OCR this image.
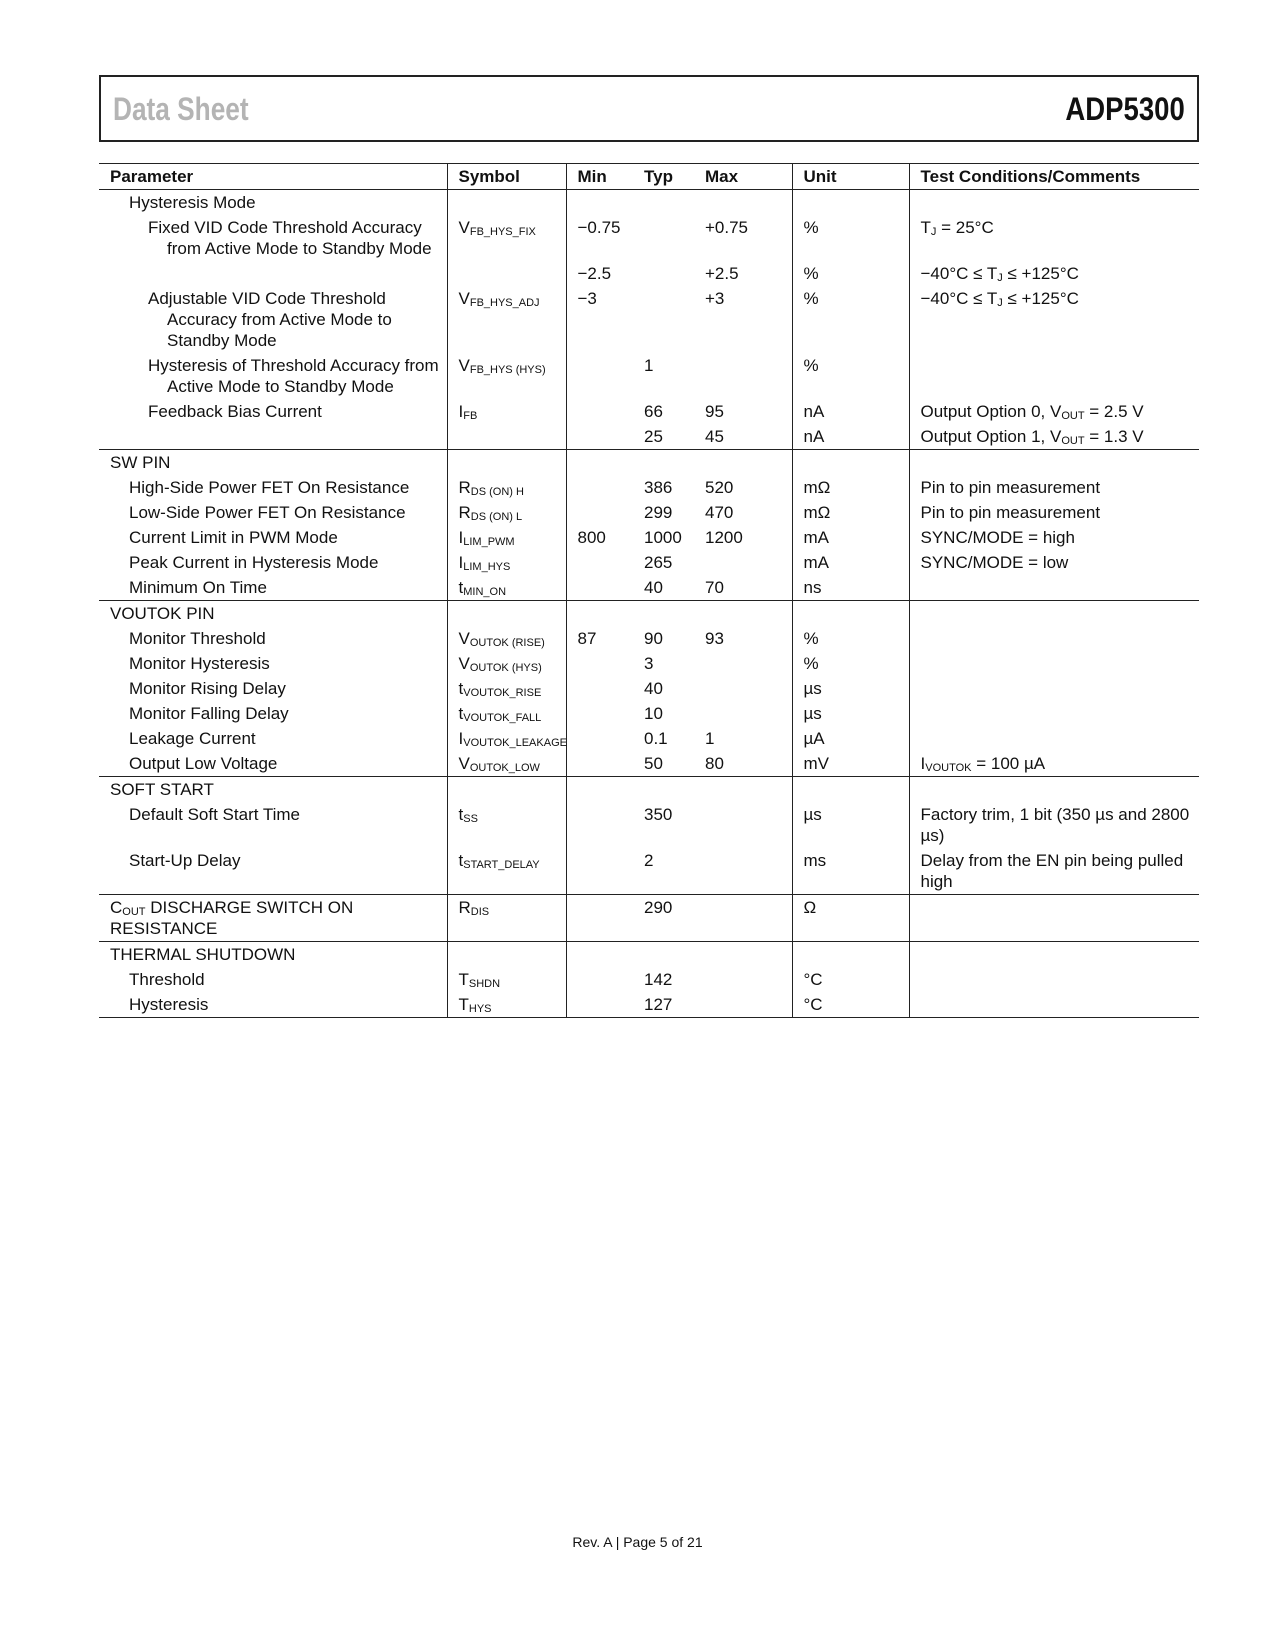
Data Sheet	ADP5300
Parameter	Symbol	Min	Typ	Max	Unit	Test Conditions/Comments
Hysteresis Mode						

Fixed VID Code Threshold Accuracy from Active Mode to Standby Mode	$V_{FB\_HYS\_FIX}$	−0.75		+0.75	%	$T_J = 25^\circ C$
		−2.5		+2.5	%	$-40^\circ C \le T_J \le +125^\circ C$

Adjustable VID Code Threshold Accuracy from Active Mode to Standby Mode	$V_{FB\_HYS\_ADJ}$	−3		+3	%	$-40^\circ C \le T_J \le +125^\circ C$

Hysteresis of Threshold Accuracy from Active Mode to Standby Mode	$V_{FB\_HYS (HYS)}$		1		%	
Feedback Bias Current	$I_{FB}$		66	95	nA	Output Option 0, $V_{OUT} = 2.5$ V
			25	45	nA	Output Option 1, $V_{OUT} = 1.3$ V
SW PIN						
High-Side Power FET On Resistance	$R_{DS (ON) H}$		386	520	mΩ	Pin to pin measurement
Low-Side Power FET On Resistance	$R_{DS (ON) L}$		299	470	mΩ	Pin to pin measurement
Current Limit in PWM Mode	$I_{LIM\_PWM}$	800	1000	1200	mA	SYNC/MODE = high
Peak Current in Hysteresis Mode	$I_{LIM\_HYS}$		265		mA	SYNC/MODE = low
Minimum On Time	$t_{MIN\_ON}$		40	70	ns	
VOUTOK PIN						
Monitor Threshold	$V_{OUTOK (RISE)}$	87	90	93	%	
Monitor Hysteresis	$V_{OUTOK (HYS)}$		3		%	
Monitor Rising Delay	$t_{VOUTOK\_RISE}$		40		µs	
Monitor Falling Delay	$t_{VOUTOK\_FALL}$		10		µs	
Leakage Current	$I_{VOUTOK\_LEAKAGE}$		0.1	1	µA	
Output Low Voltage	$V_{OUTOK\_LOW}$		50	80	mV	$I_{VOUTOK} = 100$ µA
SOFT START						
Default Soft Start Time	$t_{SS}$		350		µs	Factory trim, 1 bit (350 µs and 2800 µs)
Start-Up Delay	$t_{START\_DELAY}$		2		ms	Delay from the EN pin being pulled high
$C_{OUT}$ DISCHARGE SWITCH ON RESISTANCE	$R_{DIS}$		290		Ω	
THERMAL SHUTDOWN						
Threshold	$T_{SHDN}$		142		°C	
Hysteresis	$T_{HYS}$		127		°C	
Rev. A | Page 5 of 21
